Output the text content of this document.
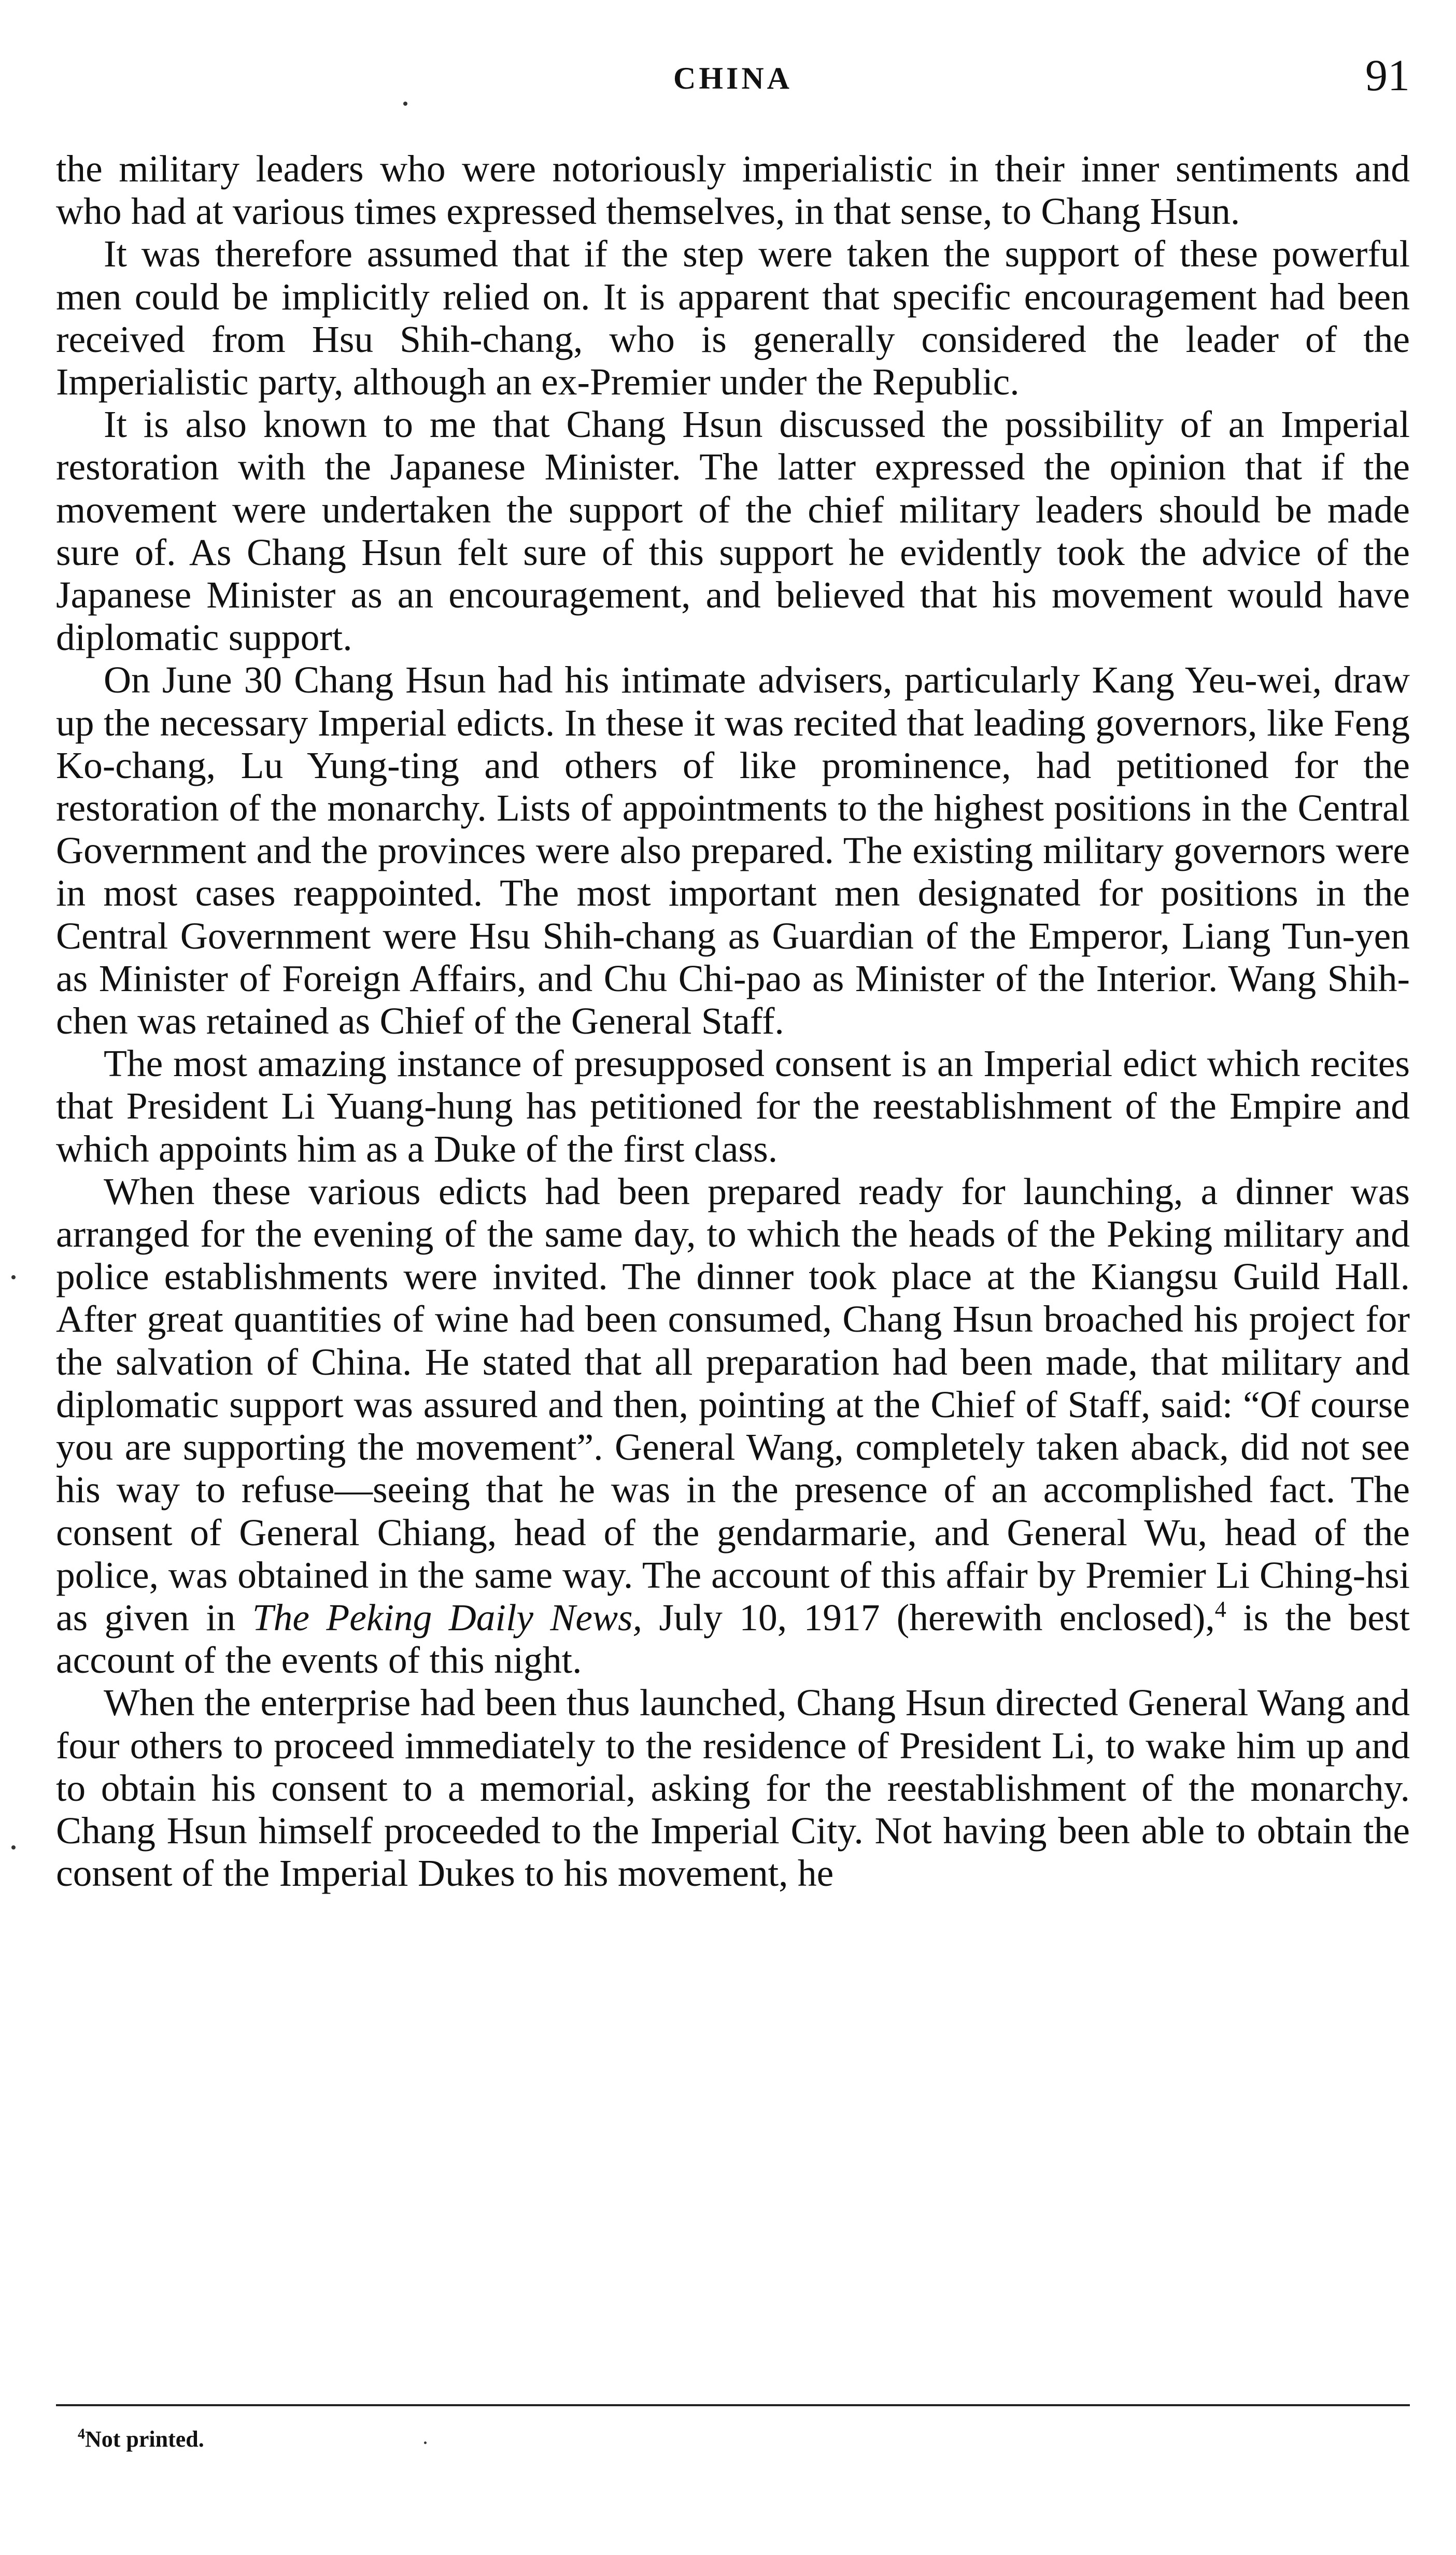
CHINA	91

the military leaders who were notoriously imperialistic in their inner sentiments and who had at various times expressed themselves, in that sense, to Chang Hsun.

It was therefore assumed that if the step were taken the support of these powerful men could be implicitly relied on. It is apparent that specific encouragement had been received from Hsu Shih-chang, who is generally considered the leader of the Imperialistic party, although an ex-Premier under the Republic.

It is also known to me that Chang Hsun discussed the possibility of an Imperial restoration with the Japanese Minister. The latter expressed the opinion that if the movement were undertaken the support of the chief military leaders should be made sure of. As Chang Hsun felt sure of this support he evidently took the advice of the Japanese Minister as an encouragement, and believed that his movement would have diplomatic support.

On June 30 Chang Hsun had his intimate advisers, particularly Kang Yeu-wei, draw up the necessary Imperial edicts. In these it was recited that leading governors, like Feng Ko-chang, Lu Yung-ting and others of like prominence, had petitioned for the restoration of the monarchy. Lists of appointments to the highest positions in the Central Government and the provinces were also prepared. The existing military governors were in most cases reappointed. The most important men designated for positions in the Central Government were Hsu Shih-chang as Guardian of the Emperor, Liang Tun-yen as Minister of Foreign Affairs, and Chu Chi-pao as Minister of the Interior. Wang Shih-chen was retained as Chief of the General Staff.

The most amazing instance of presupposed consent is an Imperial edict which recites that President Li Yuang-hung has petitioned for the reestablishment of the Empire and which appoints him as a Duke of the first class.

When these various edicts had been prepared ready for launching, a dinner was arranged for the evening of the same day, to which the heads of the Peking military and police establishments were invited. The dinner took place at the Kiangsu Guild Hall. After great quantities of wine had been consumed, Chang Hsun broached his project for the salvation of China. He stated that all preparation had been made, that military and diplomatic support was assured and then, pointing at the Chief of Staff, said: “Of course you are supporting the movement”. General Wang, completely taken aback, did not see his way to refuse—seeing that he was in the presence of an accomplished fact. The consent of General Chiang, head of the gendarmarie, and General Wu, head of the police, was obtained in the same way. The account of this affair by Premier Li Ching-hsi as given in The Peking Daily News, July 10, 1917 (herewith enclosed),$^4$ is the best account of the events of this night.

When the enterprise had been thus launched, Chang Hsun directed General Wang and four others to proceed immediately to the residence of President Li, to wake him up and to obtain his consent to a memorial, asking for the reestablishment of the monarchy. Chang Hsun himself proceeded to the Imperial City. Not having been able to obtain the consent of the Imperial Dukes to his movement, he

$^4$Not printed.
